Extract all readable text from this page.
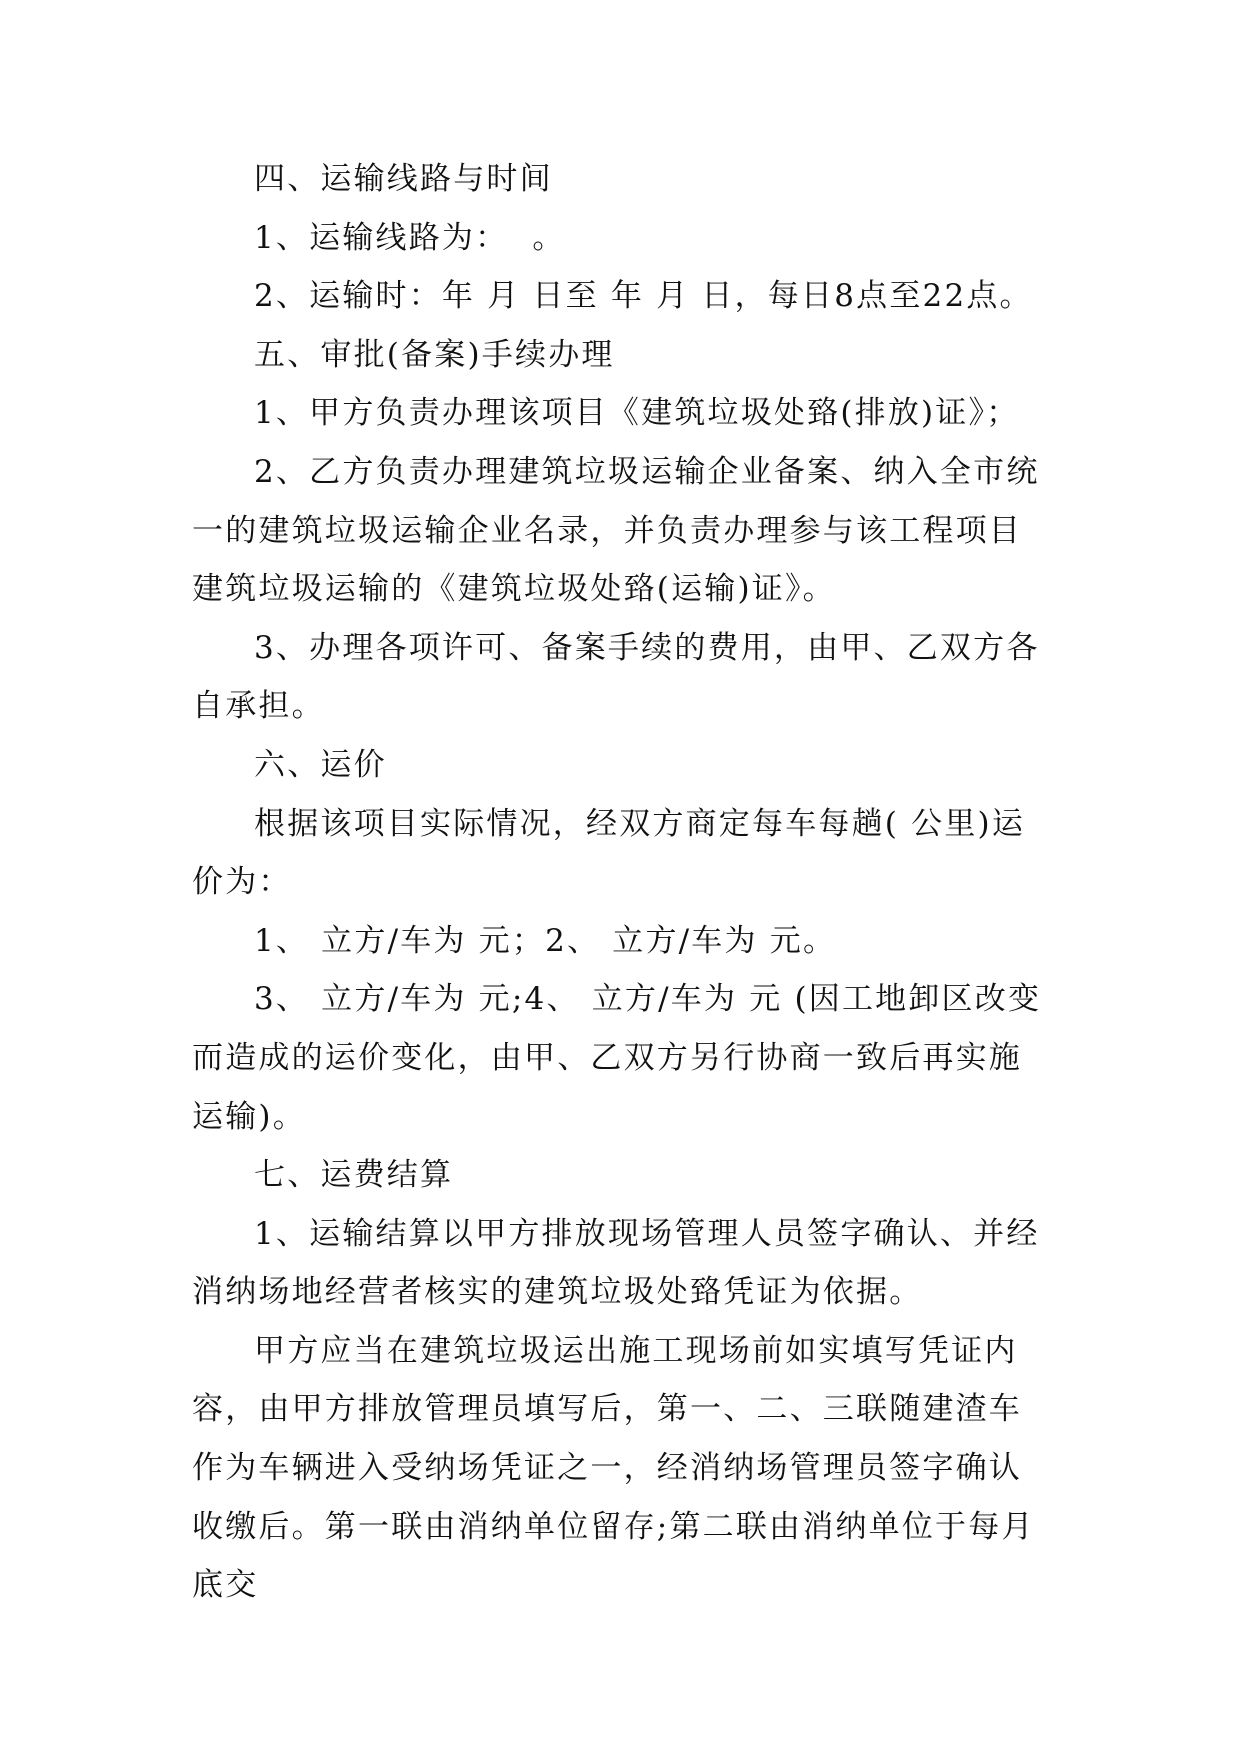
四、运输线路与时间

1、运输线路为：  。

2、运输时：年 月 日至 年 月 日，每日8点至22点。

五、审批(备案)手续办理

1、甲方负责办理该项目《建筑垃圾处臵(排放)证》；

2、乙方负责办理建筑垃圾运输企业备案、纳入全市统一的建筑垃圾运输企业名录，并负责办理参与该工程项目建筑垃圾运输的《建筑垃圾处臵(运输)证》。

3、办理各项许可、备案手续的费用，由甲、乙双方各自承担。

六、运价

根据该项目实际情况，经双方商定每车每趟( 公里)运价为：

1、 立方/车为 元；2、 立方/车为 元。

3、 立方/车为 元;4、 立方/车为 元 (因工地卸区改变而造成的运价变化，由甲、乙双方另行协商一致后再实施运输)。

七、运费结算

1、运输结算以甲方排放现场管理人员签字确认、并经消纳场地经营者核实的建筑垃圾处臵凭证为依据。

甲方应当在建筑垃圾运出施工现场前如实填写凭证内容，由甲方排放管理员填写后，第一、二、三联随建渣车作为车辆进入受纳场凭证之一，经消纳场管理员签字确认收缴后。第一联由消纳单位留存;第二联由消纳单位于每月底交
